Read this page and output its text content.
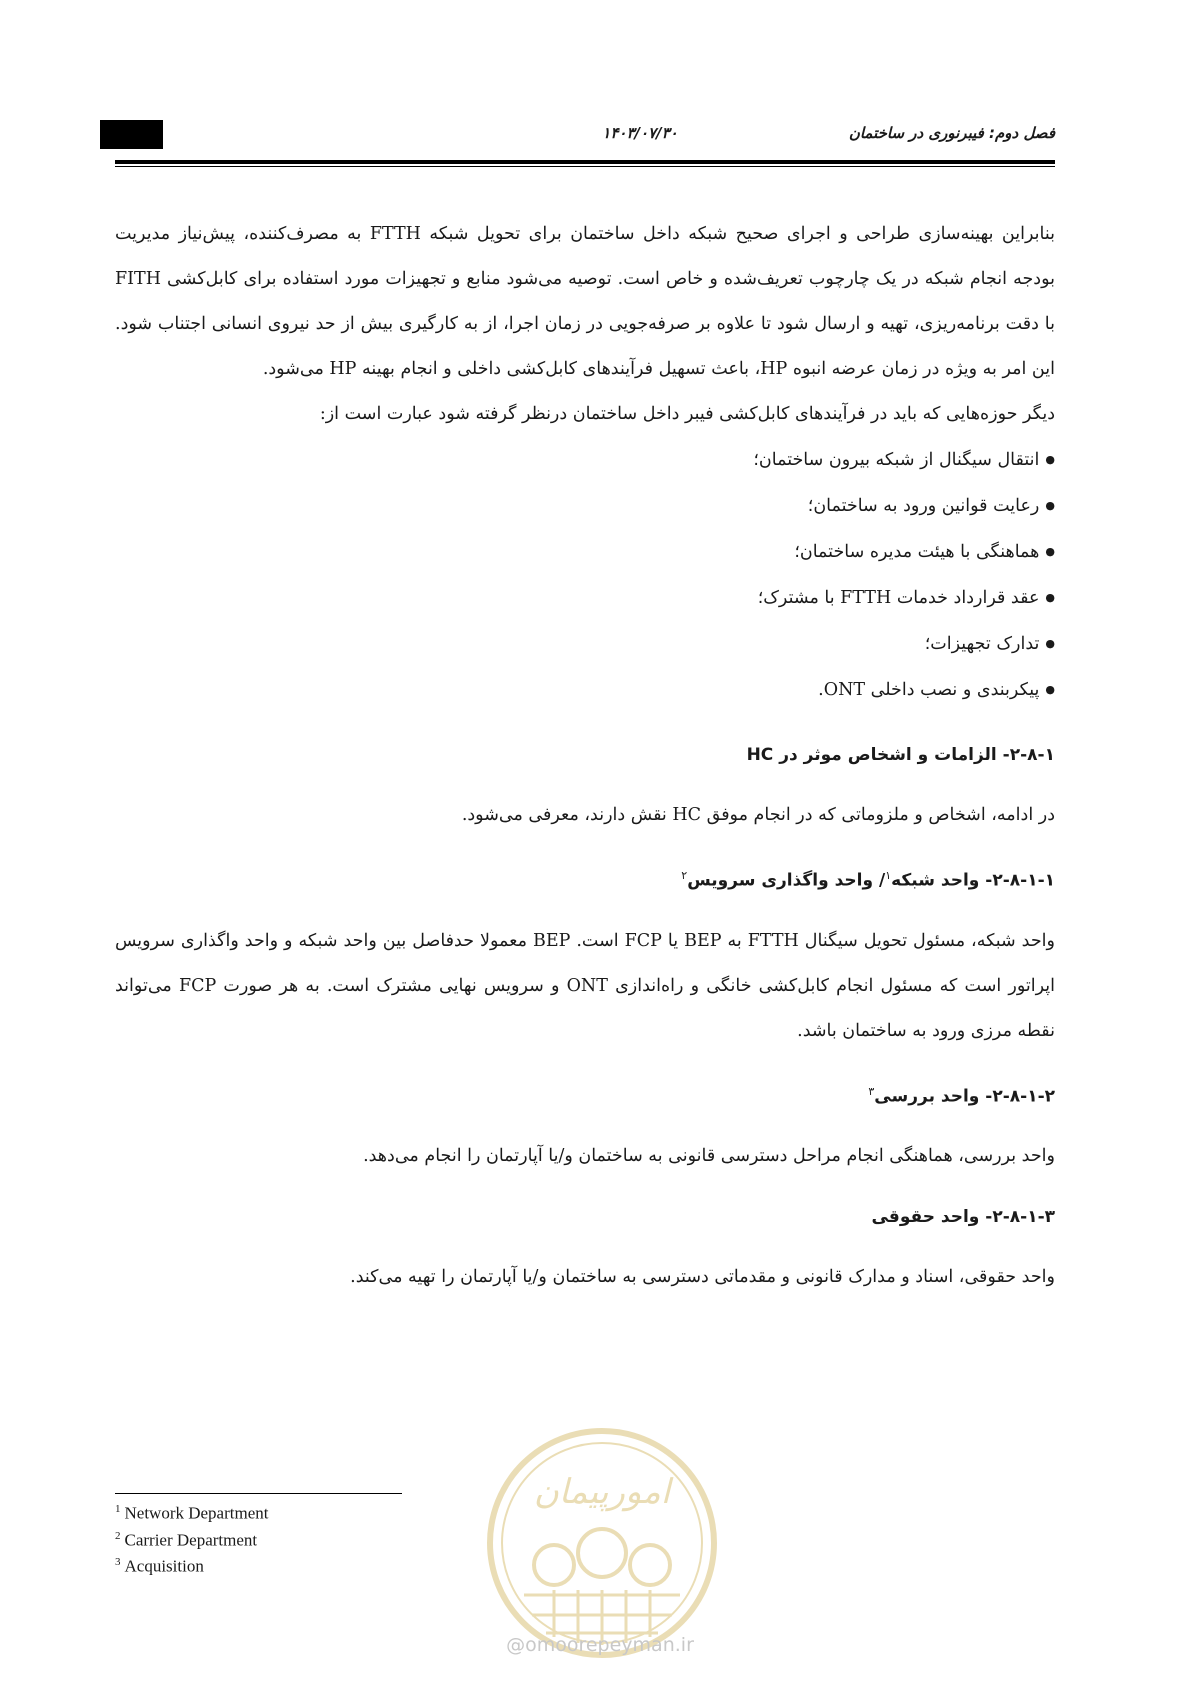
۱۴۰۳/۰۷/۳۰	فصل دوم: فیبرنوری در ساختمان

بنابراین بهینه‌سازی طراحی و اجرای صحیح شبکه داخل ساختمان برای تحویل شبکه FTTH به مصرف‌کننده، پیش‌نیاز مدیریت بودجه انجام شبکه در یک چارچوب تعریف‌شده و خاص است. توصیه می‌شود منابع و تجهیزات مورد استفاده برای کابل‌کشی FITH با دقت برنامه‌ریزی، تهیه و ارسال شود تا علاوه بر صرفه‌جویی در زمان اجرا، از به کارگیری بیش از حد نیروی انسانی اجتناب شود. این امر به ویژه در زمان عرضه انبوه HP، باعث تسهیل فرآیندهای کابل‌کشی داخلی و انجام بهینه HP می‌شود.

دیگر حوزه‌هایی که باید در فرآیندهای کابل‌کشی فیبر داخل ساختمان درنظر گرفته شود عبارت است از:

● انتقال سیگنال از شبکه بیرون ساختمان؛
● رعایت قوانین ورود به ساختمان؛
● هماهنگی با هیئت مدیره ساختمان؛
● عقد قرارداد خدمات FTTH با مشترک؛
● تدارک تجهیزات؛
● پیکربندی و نصب داخلی ONT.
۲-۸-۱- الزامات و اشخاص موثر در HC

در ادامه، اشخاص و ملزوماتی که در انجام موفق HC نقش دارند، معرفی می‌شود.

۲-۸-۱-۱- واحد شبکه$^۱$/ واحد واگذاری سرویس$^۲$

واحد شبکه، مسئول تحویل سیگنال FTTH به BEP یا FCP است. BEP معمولا حدفاصل بین واحد شبکه و واحد واگذاری سرویس اپراتور است که مسئول انجام کابل‌کشی خانگی و راه‌اندازی ONT و سرویس نهایی مشترک است. به هر صورت FCP می‌تواند نقطه مرزی ورود به ساختمان باشد.

۲-۸-۱-۲- واحد بررسی$^۳$

واحد بررسی، هماهنگی انجام مراحل دسترسی قانونی به ساختمان و/یا آپارتمان را انجام می‌دهد.

۲-۸-۱-۳- واحد حقوقی

واحد حقوقی، اسناد و مدارک قانونی و مقدماتی دسترسی به ساختمان و/یا آپارتمان را تهیه می‌کند.

امورپیمان
@omoorepeyman.ir
$^1$ Network Department
$^2$ Carrier Department
$^3$ Acquisition
